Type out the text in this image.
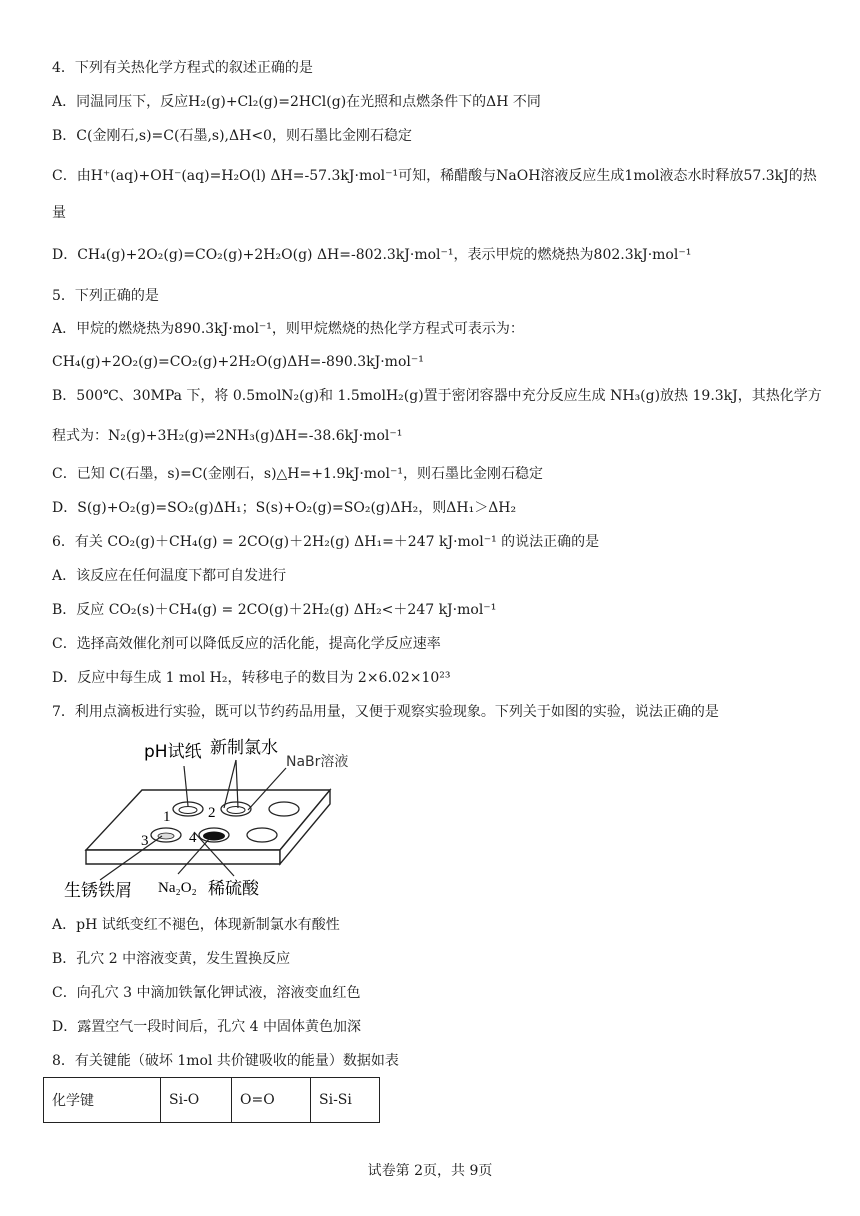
4．下列有关热化学方程式的叙述正确的是
A．同温同压下，反应H₂(g)+Cl₂(g)=2HCl(g)在光照和点燃条件下的ΔH 不同
B．C(金刚石,s)=C(石墨,s),ΔH<0，则石墨比金刚石稳定
C．由H⁺(aq)+OH⁻(aq)=H₂O(l) ΔH=-57.3kJ·mol⁻¹可知，稀醋酸与NaOH溶液反应生成1mol液态水时释放57.3kJ的热
量
D．CH₄(g)+2O₂(g)=CO₂(g)+2H₂O(g) ΔH=-802.3kJ·mol⁻¹，表示甲烷的燃烧热为802.3kJ·mol⁻¹
5．下列正确的是
A．甲烷的燃烧热为890.3kJ·mol⁻¹，则甲烷燃烧的热化学方程式可表示为：
CH₄(g)+2O₂(g)=CO₂(g)+2H₂O(g)ΔH=-890.3kJ·mol⁻¹
B．500℃、30MPa 下，将 0.5molN₂(g)和 1.5molH₂(g)置于密闭容器中充分反应生成 NH₃(g)放热 19.3kJ，其热化学方
程式为：N₂(g)+3H₂(g)⇌2NH₃(g)ΔH=-38.6kJ·mol⁻¹
C．已知 C(石墨，s)=C(金刚石，s)△H=+1.9kJ·mol⁻¹，则石墨比金刚石稳定
D．S(g)+O₂(g)=SO₂(g)ΔH₁；S(s)+O₂(g)=SO₂(g)ΔH₂，则ΔH₁＞ΔH₂
6．有关 CO₂(g)＋CH₄(g) = 2CO(g)＋2H₂(g) ΔH₁=＋247 kJ·mol⁻¹ 的说法正确的是
A．该反应在任何温度下都可自发进行
B．反应 CO₂(s)＋CH₄(g) = 2CO(g)＋2H₂(g) ΔH₂<＋247 kJ·mol⁻¹
C．选择高效催化剂可以降低反应的活化能，提高化学反应速率
D．反应中每生成 1 mol H₂，转移电子的数目为 2×6.02×10²³
7．利用点滴板进行实验，既可以节约药品用量，又便于观察实验现象。下列关于如图的实验，说法正确的是
1	2
3	4
pH试纸 新制氯水
NaBr溶液
生锈铁屑 Na₂O₂ 稀硫酸
A．pH 试纸变红不褪色，体现新制氯水有酸性
B．孔穴 2 中溶液变黄，发生置换反应
C．向孔穴 3 中滴加铁氰化钾试液，溶液变血红色
D．露置空气一段时间后，孔穴 4 中固体黄色加深
8．有关键能（破坏 1mol 共价键吸收的能量）数据如表
化学键	Si-O	O=O	Si-Si
试卷第 2页，共 9页
